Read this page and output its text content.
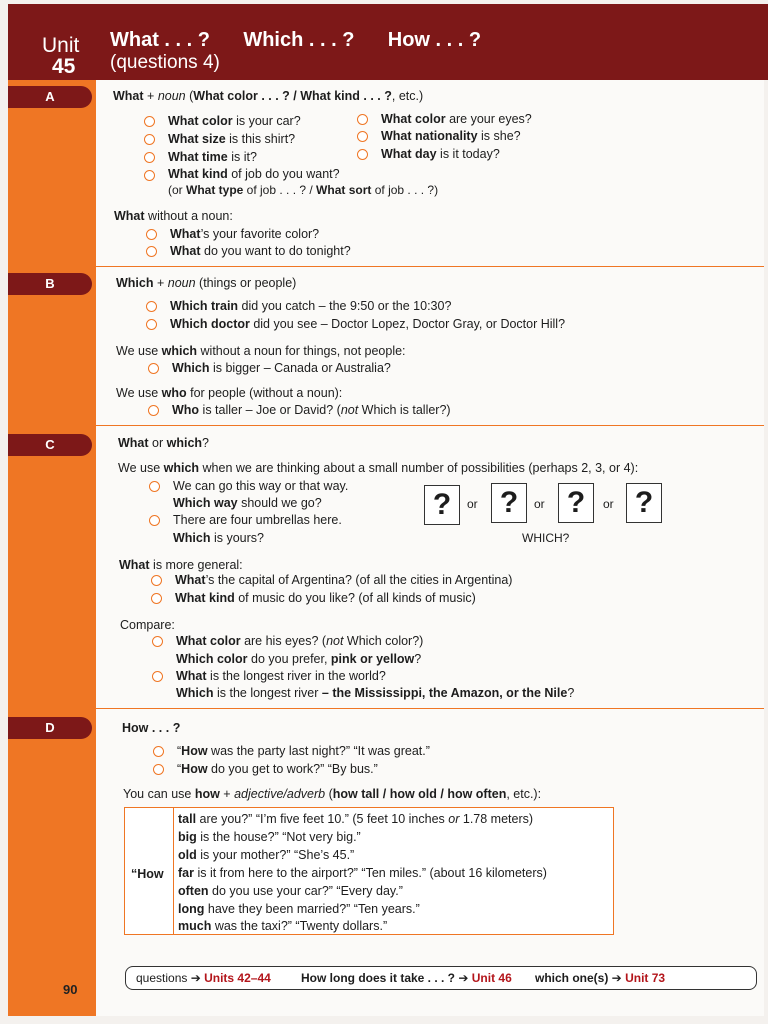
Unit
45
What . . . ?      Which . . . ?      How . . . ?
(questions 4)
A
B
C
D
What + noun (What color . . . ? / What kind . . . ?, etc.)
What color is your car?
What size is this shirt?
What time is it?
What kind of job do you want?
(or What type of job . . . ? / What sort of job . . . ?)
What color are your eyes?
What nationality is she?
What day is it today?
What without a noun:
What’s your favorite color?
What do you want to do tonight?
Which + noun (things or people)
Which train did you catch – the 9:50 or the 10:30?
Which doctor did you see – Doctor Lopez, Doctor Gray, or Doctor Hill?
We use which without a noun for things, not people:
Which is bigger – Canada or Australia?
We use who for people (without a noun):
Who is taller – Joe or David? (not Which is taller?)
What or which?
We use which when we are thinking about a small number of possibilities (perhaps 2, 3, or 4):
We can go this way or that way.
Which way should we go?
There are four umbrellas here.
Which is yours?
?	or ?	or ?	or ?
WHICH?
What is more general:
What’s the capital of Argentina? (of all the cities in Argentina)
What kind of music do you like? (of all kinds of music)
Compare:
What color are his eyes? (not Which color?)
Which color do you prefer, pink or yellow?
What is the longest river in the world?
Which is the longest river – the Mississippi, the Amazon, or the Nile?
How . . . ?
“How was the party last night?” “It was great.”
“How do you get to work?” “By bus.”
You can use how + adjective/adverb (how tall / how old / how often, etc.):
“How
tall are you?” “I’m five feet 10.” (5 feet 10 inches or 1.78 meters)
big is the house?” “Not very big.”
old is your mother?” “She’s 45.”
far is it from here to the airport?” “Ten miles.” (about 16 kilometers)
often do you use your car?” “Every day.”
long have they been married?” “Ten years.”
much was the taxi?” “Twenty dollars.”
questions ➔ Units 42–44	How long does it take . . . ? ➔ Unit 46 which one(s) ➔ Unit 73
90
